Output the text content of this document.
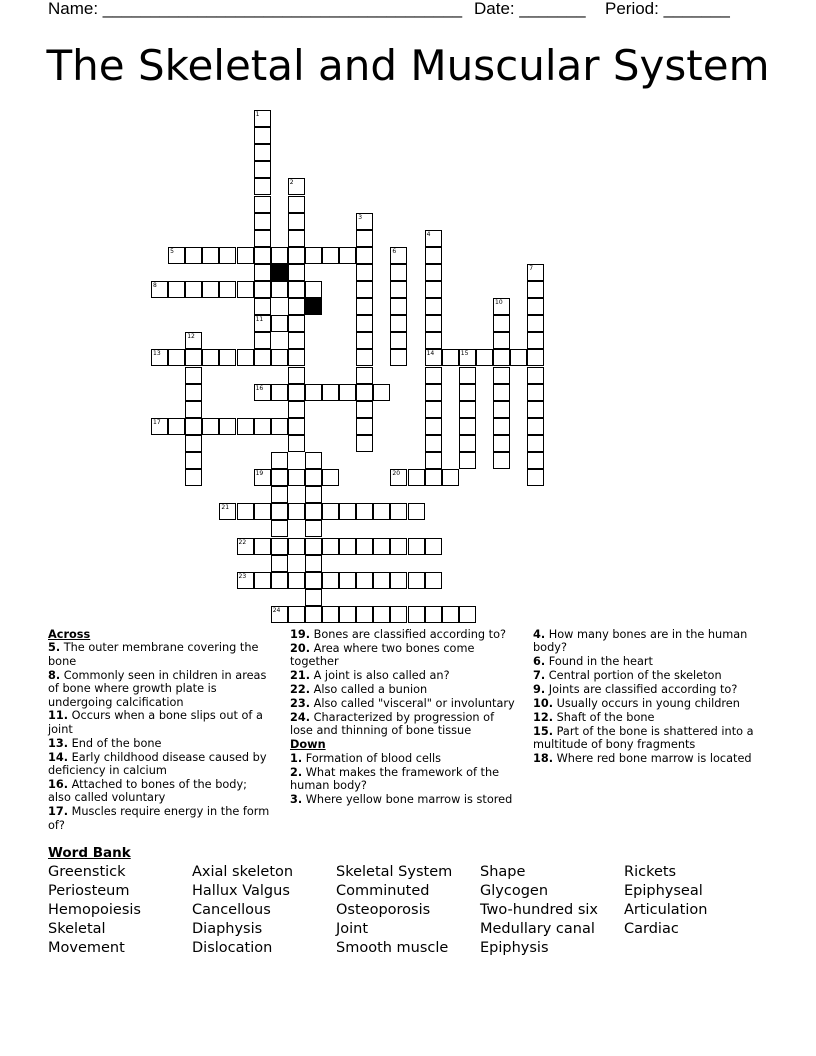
Name: ______________________________________ Date: _______ Period: _______
The Skeletal and Muscular System
1
11
2
3
4
14
6
7
10
12
15
5
8
13
16
17
19	20
21
22
23
24
9
Across
5. The outer membrane covering the bone
8. Commonly seen in children in areas of bone where growth plate is undergoing calcification
11. Occurs when a bone slips out of a joint
13. End of the bone
14. Early childhood disease caused by deficiency in calcium
16. Attached to bones of the body; also called voluntary
17. Muscles require energy in the form of?
19. Bones are classified according to?
20. Area where two bones come together
21. A joint is also called an?
22. Also called a bunion
23. Also called "visceral" or involuntary
24. Characterized by progression of lose and thinning of bone tissue
Down
1. Formation of blood cells
2. What makes the framework of the human body?
3. Where yellow bone marrow is stored
4. How many bones are in the human body?
6. Found in the heart
7. Central portion of the skeleton
9. Joints are classified according to?
10. Usually occurs in young children
12. Shaft of the bone
15. Part of the bone is shattered into a multitude of bony fragments
18. Where red bone marrow is located
Word Bank
Greenstick
Periosteum
Hemopoiesis
Skeletal
Movement
Axial skeleton
Hallux Valgus
Cancellous
Diaphysis
Dislocation
Skeletal System
Comminuted
Osteoporosis
Joint
Smooth muscle
Shape
Glycogen
Two-hundred six
Medullary canal
Epiphysis
Rickets
Epiphyseal
Articulation
Cardiac
